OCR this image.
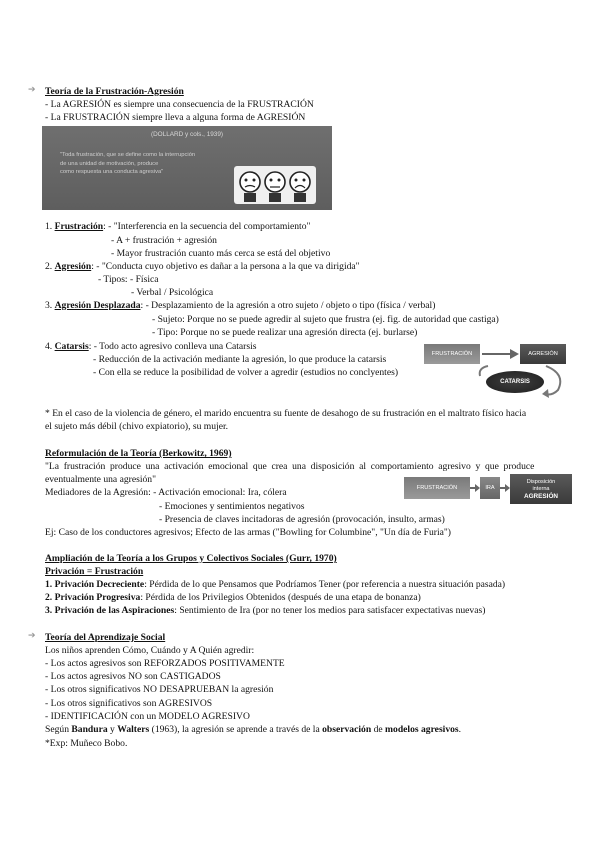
➔ Teoría de la Frustración-Agresión
- La AGRESIÓN es siempre una consecuencia de la FRUSTRACIÓN
- La FRUSTRACIÓN siempre lleva a alguna forma de AGRESIÓN
(DOLLARD y cols., 1939)
"Toda frustración, que se define como la interrupción
de una unidad de motivación, produce
como respuesta una conducta agresiva"
1. Frustración: - "Interferencia en la secuencia del comportamiento"
- A + frustración + agresión
- Mayor frustración cuanto más cerca se está del objetivo
2. Agresión: - "Conducta cuyo objetivo es dañar a la persona a la que va dirigida"
- Tipos: - Física
- Verbal / Psicológica
3. Agresión Desplazada: - Desplazamiento de la agresión a otro sujeto / objeto o tipo (física / verbal)
- Sujeto: Porque no se puede agredir al sujeto que frustra (ej. fig. de autoridad que castiga)
- Tipo: Porque no se puede realizar una agresión directa (ej. burlarse)
4. Catarsis: - Todo acto agresivo conlleva una Catarsis
- Reducción de la activación mediante la agresión, lo que produce la catarsis
- Con ella se reduce la posibilidad de volver a agredir (estudios no conclyentes)
FRUSTRACIÓN	AGRESIÓN
CATARSIS
* En el caso de la violencia de género, el marido encuentra su fuente de desahogo de su frustración en el maltrato físico hacia
el sujeto más débil (chivo expiatorio), su mujer.
Reformulación de la Teoría (Berkowitz, 1969)
"La frustración produce una activación emocional que crea una disposición al comportamiento agresivo y que produce
eventualmente una agresión"
Mediadores de la Agresión: - Activación emocional: Ira, cólera
- Emociones y sentimientos negativos
- Presencia de claves incitadoras de agresión (provocación, insulto, armas)
Ej: Caso de los conductores agresivos; Efecto de las armas ("Bowling for Columbine", "Un día de Furia")
FRUSTRACIÓN	IRA
Disposición
interna
AGRESIÓN
Ampliación de la Teoría a los Grupos y Colectivos Sociales (Gurr, 1970)
Privación = Frustración
1. Privación Decreciente: Pérdida de lo que Pensamos que Podríamos Tener (por referencia a nuestra situación pasada)
2. Privación Progresiva: Pérdida de los Privilegios Obtenidos (después de una etapa de bonanza)
3. Privación de las Aspiraciones: Sentimiento de Ira (por no tener los medios para satisfacer expectativas nuevas)
➔ Teoría del Aprendizaje Social
Los niños aprenden Cómo, Cuándo y A Quién agredir:
- Los actos agresivos son REFORZADOS POSITIVAMENTE
- Los actos agresivos NO son CASTIGADOS
- Los otros significativos NO DESAPRUEBAN la agresión
- Los otros significativos son AGRESIVOS
- IDENTIFICACIÓN con un MODELO AGRESIVO
Según Bandura y Walters (1963), la agresión se aprende a través de la observación de modelos agresivos.
*Exp: Muñeco Bobo.
